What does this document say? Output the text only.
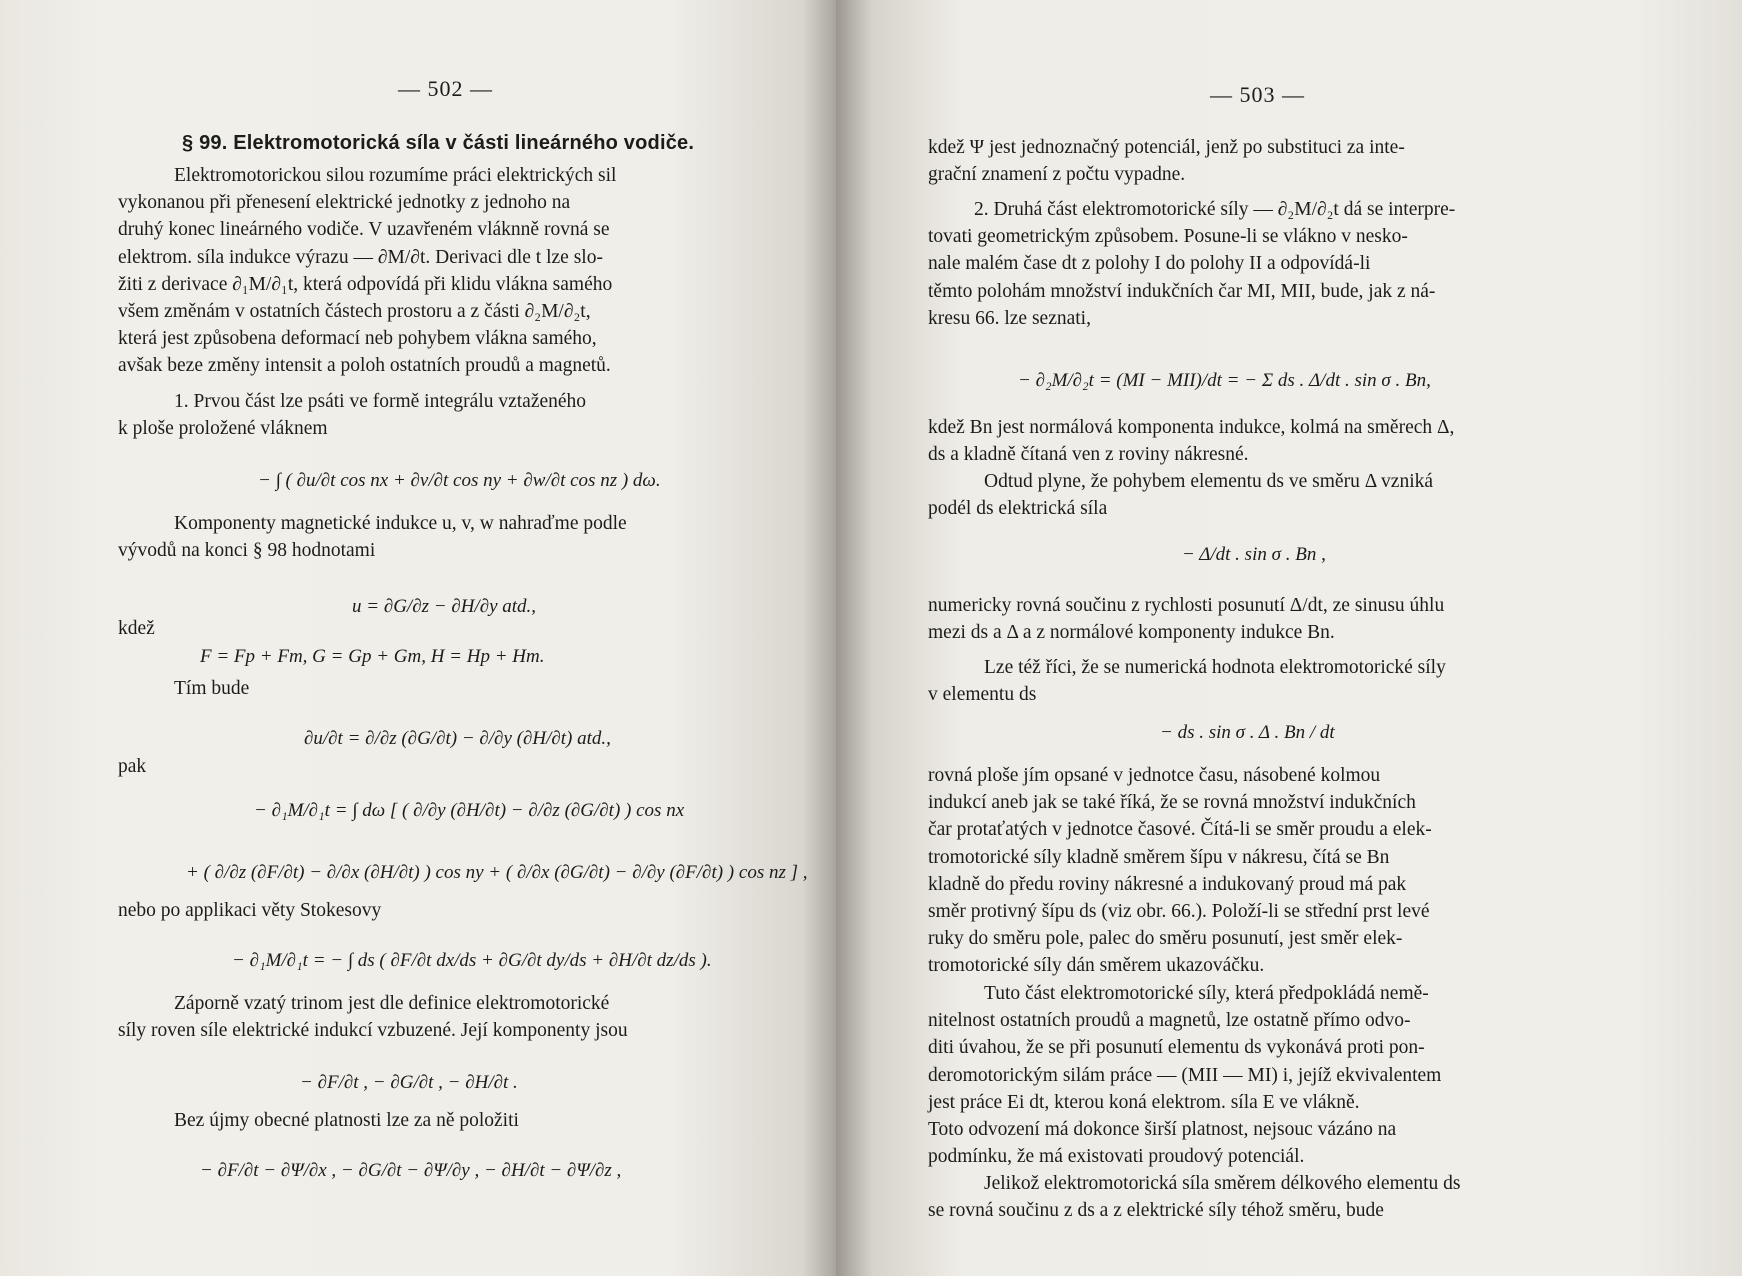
— 502 —
§ 99. Elektromotorická síla v části lineárného vodiče.
Elektromotorickou silou rozumíme práci elektrických sil
vykonanou při přenesení elektrické jednotky z jednoho na
druhý konec lineárného vodiče. V uzavřeném vláknně rovná se
elektrom. síla indukce výrazu — ∂M/∂t. Derivaci dle t lze slo-
žiti z derivace ∂₁M/∂₁t, která odpovídá při klidu vlákna samého
všem změnám v ostatních částech prostoru a z části ∂₂M/∂₂t,
která jest způsobena deformací neb pohybem vlákna samého,
avšak beze změny intensit a poloh ostatních proudů a magnetů.
1. Prvou část lze psáti ve formě integrálu vztaženého
k ploše proložené vláknem
− ∫ ( ∂u/∂t cos nx + ∂v/∂t cos ny + ∂w/∂t cos nz ) dω.
Komponenty magnetické indukce u, v, w nahraďme podle
vývodů na konci § 98 hodnotami
u = ∂G/∂z − ∂H/∂y atd.,
kdež
F = Fp + Fm, G = Gp + Gm, H = Hp + Hm.
Tím bude
∂u/∂t = ∂/∂z (∂G/∂t) − ∂/∂y (∂H/∂t) atd.,
pak
− ∂₁M/∂₁t = ∫ dω [ ( ∂/∂y (∂H/∂t) − ∂/∂z (∂G/∂t) ) cos nx
+ ( ∂/∂z (∂F/∂t) − ∂/∂x (∂H/∂t) ) cos ny + ( ∂/∂x (∂G/∂t) − ∂/∂y (∂F/∂t) ) cos nz ] ,
nebo po applikaci věty Stokesovy
− ∂₁M/∂₁t = − ∫ ds ( ∂F/∂t dx/ds + ∂G/∂t dy/ds + ∂H/∂t dz/ds ).
Záporně vzatý trinom jest dle definice elektromotorické
síly roven síle elektrické indukcí vzbuzené. Její komponenty jsou
− ∂F/∂t , − ∂G/∂t , − ∂H/∂t .
Bez újmy obecné platnosti lze za ně položiti
− ∂F/∂t − ∂Ψ/∂x , − ∂G/∂t − ∂Ψ/∂y , − ∂H/∂t − ∂Ψ/∂z ,
— 503 —
kdež Ψ jest jednoznačný potenciál, jenž po substituci za inte-
grační znamení z počtu vypadne.
2. Druhá část elektromotorické síly — ∂₂M/∂₂t dá se interpre-
tovati geometrickým způsobem. Posune-li se vlákno v nesko-
nale malém čase dt z polohy I do polohy II a odpovídá-li
těmto polohám množství indukčních čar MI, MII, bude, jak z ná-
kresu 66. lze seznati,
− ∂₂M/∂₂t = (MI − MII)/dt = − Σ ds . Δ/dt . sin σ . Bn,
kdež Bn jest normálová komponenta indukce, kolmá na směrech Δ,
ds a kladně čítaná ven z roviny nákresné.
Odtud plyne, že pohybem elementu ds ve směru Δ vzniká
podél ds elektrická síla
− Δ/dt . sin σ . Bn ,
numericky rovná součinu z rychlosti posunutí Δ/dt, ze sinusu úhlu
mezi ds a Δ a z normálové komponenty indukce Bn.
Lze též říci, že se numerická hodnota elektromotorické síly
v elementu ds
− ds . sin σ . Δ . Bn / dt
rovná ploše jím opsané v jednotce času, násobené kolmou
indukcí aneb jak se také říká, že se rovná množství indukčních
čar protaťatých v jednotce časové. Čítá-li se směr proudu a elek-
tromotorické síly kladně směrem šípu v nákresu, čítá se Bn
kladně do předu roviny nákresné a indukovaný proud má pak
směr protivný šípu ds (viz obr. 66.). Položí-li se střední prst levé
ruky do směru pole, palec do směru posunutí, jest směr elek-
tromotorické síly dán směrem ukazováčku.
Tuto část elektromotorické síly, která předpokládá nemě-
nitelnost ostatních proudů a magnetů, lze ostatně přímo odvo-
diti úvahou, že se při posunutí elementu ds vykonává proti pon-
deromotorickým silám práce — (MII — MI) i, jejíž ekvivalentem
jest práce Ei dt, kterou koná elektrom. síla E ve vlákně.
Toto odvození má dokonce širší platnost, nejsouc vázáno na
podmínku, že má existovati proudový potenciál.
Jelikož elektromotorická síla směrem délkového elementu ds
se rovná součinu z ds a z elektrické síly téhož směru, bude
